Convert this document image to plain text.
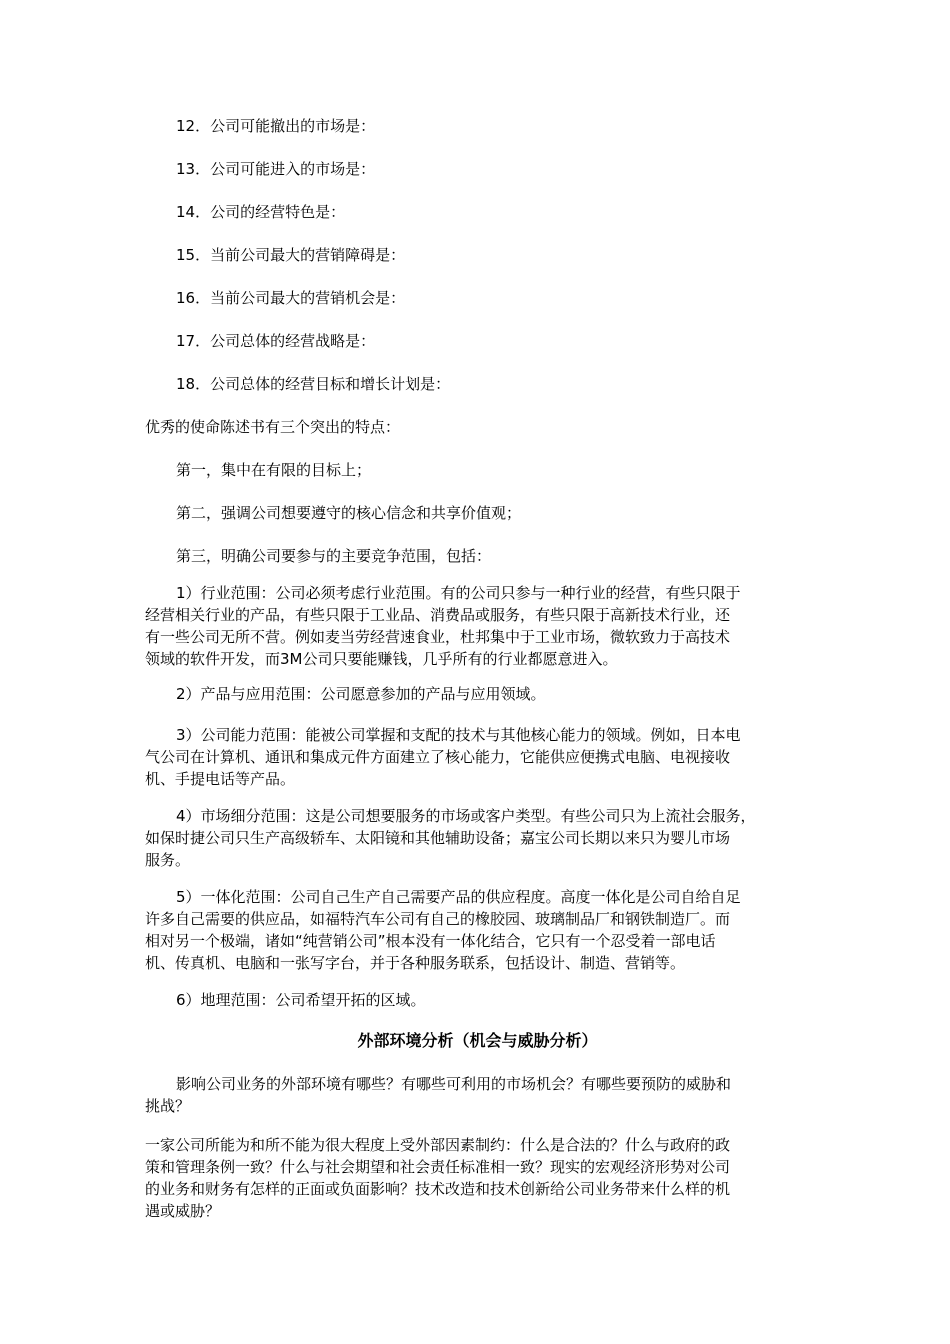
12．公司可能撤出的市场是：
13．公司可能进入的市场是：
14．公司的经营特色是：
15．当前公司最大的营销障碍是：
16．当前公司最大的营销机会是：
17．公司总体的经营战略是：
18．公司总体的经营目标和增长计划是：
优秀的使命陈述书有三个突出的特点：
第一，集中在有限的目标上；
第二，强调公司想要遵守的核心信念和共享价值观；
第三，明确公司要参与的主要竞争范围，包括：
1）行业范围：公司必须考虑行业范围。有的公司只参与一种行业的经营，有些只限于
经营相关行业的产品，有些只限于工业品、消费品或服务，有些只限于高新技术行业，还
有一些公司无所不营。例如麦当劳经营速食业，杜邦集中于工业市场，微软致力于高技术
领域的软件开发，而3M公司只要能赚钱，几乎所有的行业都愿意进入。
2）产品与应用范围：公司愿意参加的产品与应用领域。
3）公司能力范围：能被公司掌握和支配的技术与其他核心能力的领域。例如，日本电
气公司在计算机、通讯和集成元件方面建立了核心能力，它能供应便携式电脑、电视接收
机、手提电话等产品。
4）市场细分范围：这是公司想要服务的市场或客户类型。有些公司只为上流社会服务，
如保时捷公司只生产高级轿车、太阳镜和其他辅助设备；嘉宝公司长期以来只为婴儿市场
服务。
5）一体化范围：公司自己生产自己需要产品的供应程度。高度一体化是公司自给自足
许多自己需要的供应品，如福特汽车公司有自己的橡胶园、玻璃制品厂和钢铁制造厂。而
相对另一个极端，诸如“纯营销公司”根本没有一体化结合，它只有一个忍受着一部电话
机、传真机、电脑和一张写字台，并于各种服务联系，包括设计、制造、营销等。
6）地理范围：公司希望开拓的区域。
外部环境分析（机会与威胁分析）
影响公司业务的外部环境有哪些？有哪些可利用的市场机会？有哪些要预防的威胁和
挑战？
一家公司所能为和所不能为很大程度上受外部因素制约：什么是合法的？什么与政府的政
策和管理条例一致？什么与社会期望和社会责任标准相一致？现实的宏观经济形势对公司
的业务和财务有怎样的正面或负面影响？技术改造和技术创新给公司业务带来什么样的机
遇或威胁？
